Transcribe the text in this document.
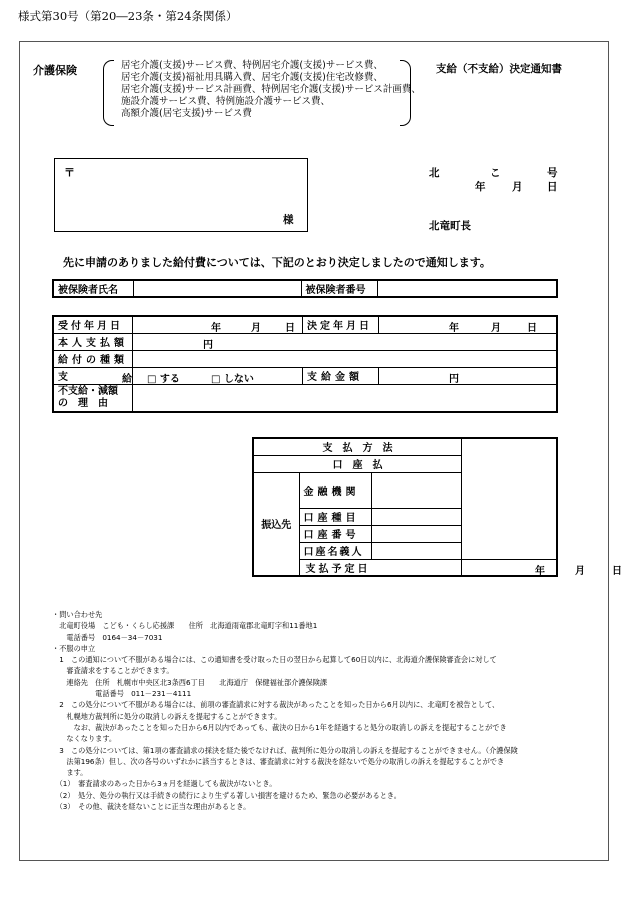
様式第30号（第20―23条・第24条関係）
介護保険	居宅介護(支援)サービス費、特例居宅介護(支援)サービス費、
居宅介護(支援)福祉用具購入費、居宅介護(支援)住宅改修費、
居宅介護(支援)サービス計画費、特例居宅介護(支援)サービス計画費、
施設介護サービス費、特例施設介護サービス費、
高額介護(居宅支援)サービス費
支給（不支給）決定通知書
〒
様
北	こ	号
年	月 日
北竜町長
先に申請のありました給付費については、下記のとおり決定しましたので通知します。
被保険者氏名		被保険者番号	
受付年月日	年 月 日	決定年月日	年 月 日

本人支払額	円		

給付の種類			
支 給	□ する □ しない	支給金額	円

不支給・減額
の　理　由			

支　払　方　法			
口　座　払			
振込先	金融機関		
	口座種目		
	口座番号		
	口座名義人		
	支払予定日		年 月 日
・問い合わせ先
　北竜町役場　こども・くらし応援課　　住所　北海道雨竜郡北竜町字和11番地1
　　電話番号　0164－34－7031
・不服の申立
　1　この通知について不服がある場合には、この通知書を受け取った日の翌日から起算して60日以内に、北海道介護保険審査会に対して
　　審査請求をすることができます。
　　連絡先　住所　札幌市中央区北3条西6丁目　　北海道庁　保健福祉部介護保険課
　　　　　　電話番号　011－231－4111
　2　この処分について不服がある場合には、前項の審査請求に対する裁決があったことを知った日から6月以内に、北竜町を被告として、
　　札幌地方裁判所に処分の取消しの訴えを提起することができます。
　　　なお、裁決があったことを知った日から6月以内であっても、裁決の日から1年を経過すると処分の取消しの訴えを提起することができ
　　なくなります。
　3　この処分については、第1項の審査請求の採決を経た後でなければ、裁判所に処分の取消しの訴えを提起することができません。（介護保険
　　法第196条）但し、次の各号のいずれかに該当するときは、審査請求に対する裁決を経ないで処分の取消しの訴えを提起することができ
　　ます。
　（1）　審査請求のあった日から3ヵ月を経過しても裁決がないとき。
　（2）　処分、処分の執行又は手続きの続行により生ずる著しい損害を避けるため、緊急の必要があるとき。
　（3）　その他、裁決を経ないことに正当な理由があるとき。
